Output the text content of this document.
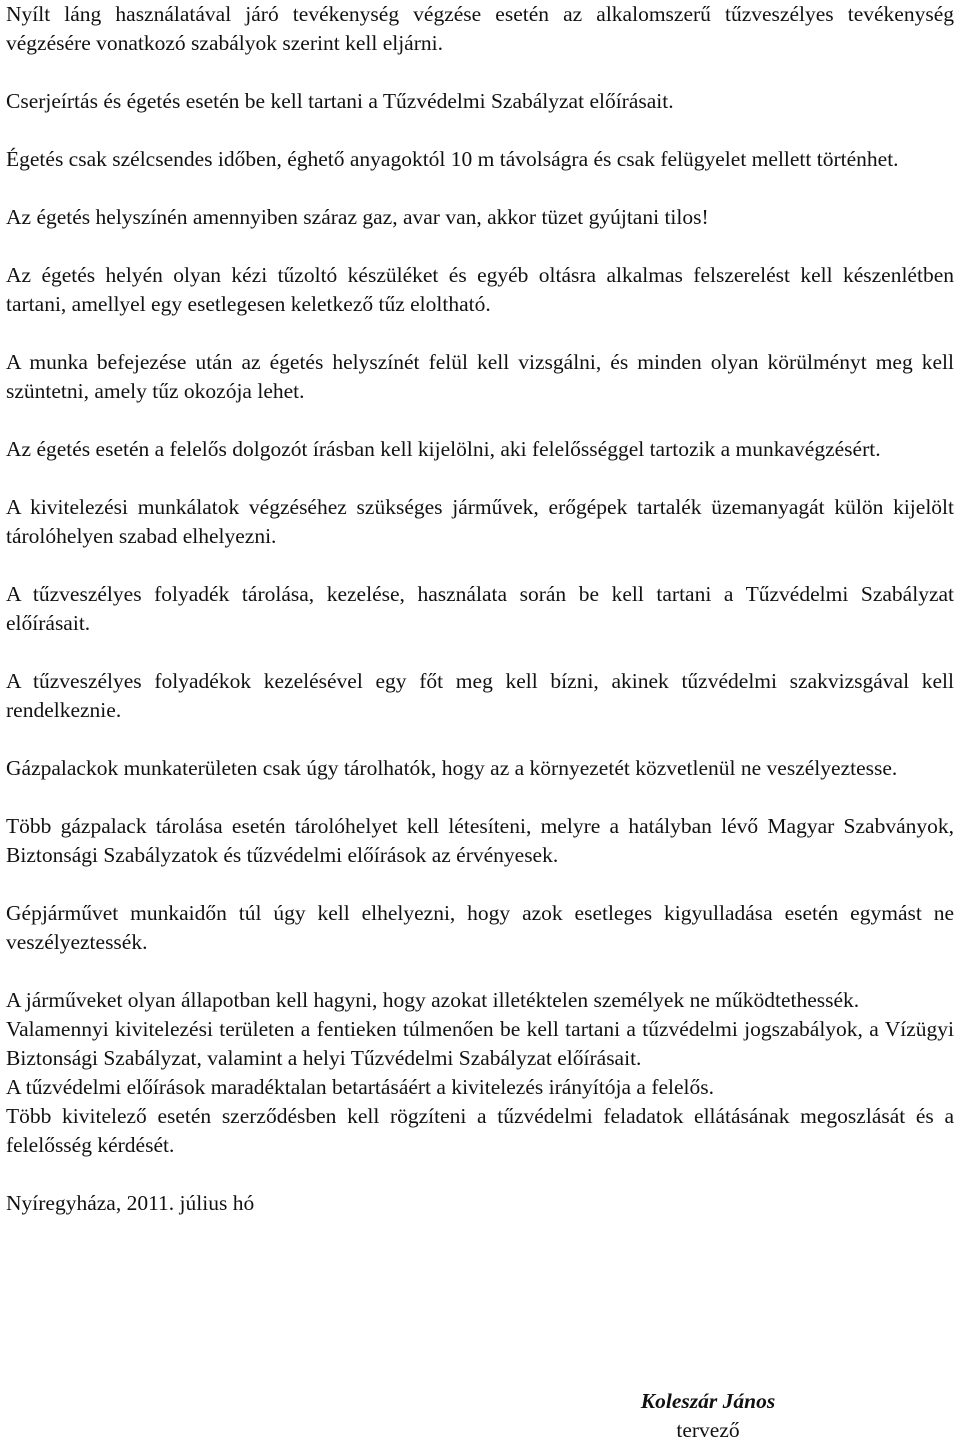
Nyílt láng használatával járó tevékenység végzése esetén az alkalomszerű tűzveszélyes tevékenység végzésére vonatkozó szabályok szerint kell eljárni.

Cserjeírtás és égetés esetén be kell tartani a Tűzvédelmi Szabályzat előírásait.

Égetés csak szélcsendes időben, éghető anyagoktól 10 m távolságra és csak felügyelet mellett történhet.

Az égetés helyszínén amennyiben száraz gaz, avar van, akkor tüzet gyújtani tilos!

Az égetés helyén olyan kézi tűzoltó készüléket és egyéb oltásra alkalmas felszerelést kell készenlétben tartani, amellyel egy esetlegesen keletkező tűz eloltható.

A munka befejezése után az égetés helyszínét felül kell vizsgálni, és minden olyan körülményt meg kell szüntetni, amely tűz okozója lehet.

Az égetés esetén a felelős dolgozót írásban kell kijelölni, aki felelősséggel tartozik a munkavégzésért.

A kivitelezési munkálatok végzéséhez szükséges járművek, erőgépek tartalék üzemanyagát külön kijelölt tárolóhelyen szabad elhelyezni.

A tűzveszélyes folyadék tárolása, kezelése, használata során be kell tartani a Tűzvédelmi Szabályzat előírásait.

A tűzveszélyes folyadékok kezelésével egy főt meg kell bízni, akinek tűzvédelmi szakvizsgával kell rendelkeznie.

Gázpalackok munkaterületen csak úgy tárolhatók, hogy az a környezetét közvetlenül ne veszélyeztesse.

Több gázpalack tárolása esetén tárolóhelyet kell létesíteni, melyre a hatályban lévő Magyar Szabványok, Biztonsági Szabályzatok és tűzvédelmi előírások az érvényesek.

Gépjárművet munkaidőn túl úgy kell elhelyezni, hogy azok esetleges kigyulladása esetén egymást ne veszélyeztessék.

A járműveket olyan állapotban kell hagyni, hogy azokat illetéktelen személyek ne működtethessék.

Valamennyi kivitelezési területen a fentieken túlmenően be kell tartani a tűzvédelmi jogszabályok, a Vízügyi Biztonsági Szabályzat, valamint a helyi Tűzvédelmi Szabályzat előírásait.

A tűzvédelmi előírások maradéktalan betartásáért a kivitelezés irányítója a felelős.

Több kivitelező esetén szerződésben kell rögzíteni a tűzvédelmi feladatok ellátásának megoszlását és a felelősség kérdését.

Nyíregyháza, 2011. július hó

Koleszár János
tervező
